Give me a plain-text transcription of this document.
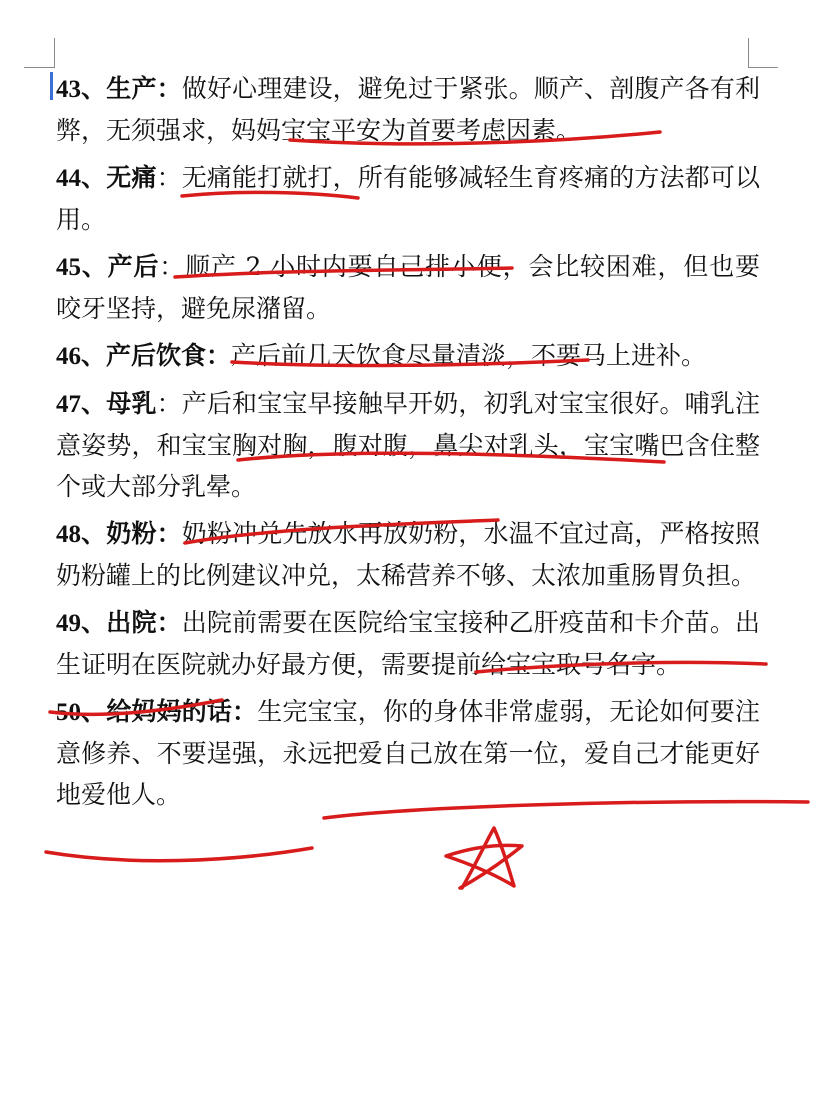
43、生产：做好心理建设，避免过于紧张。顺产、剖腹产各有利弊，无须强求，妈妈宝宝平安为首要考虑因素。

44、无痛：无痛能打就打，所有能够减轻生育疼痛的方法都可以用。

45、产后：顺产 2 小时内要自己排小便，会比较困难，但也要咬牙坚持，避免尿潴留。

46、产后饮食：产后前几天饮食尽量清淡，不要马上进补。

47、母乳：产后和宝宝早接触早开奶，初乳对宝宝很好。哺乳注意姿势，和宝宝胸对胸，腹对腹，鼻尖对乳头，宝宝嘴巴含住整个或大部分乳晕。

48、奶粉：奶粉冲兑先放水再放奶粉，水温不宜过高，严格按照奶粉罐上的比例建议冲兑，太稀营养不够、太浓加重肠胃负担。

49、出院：出院前需要在医院给宝宝接种乙肝疫苗和卡介苗。出生证明在医院就办好最方便，需要提前给宝宝取号名字。

50、给妈妈的话：生完宝宝，你的身体非常虚弱，无论如何要注意修养、不要逞强，永远把爱自己放在第一位，爱自己才能更好地爱他人。
